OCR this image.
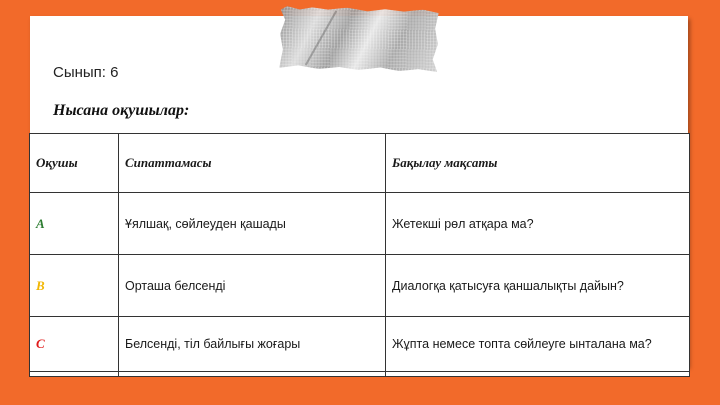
Сынып: 6
Нысана оқушылар:
Оқушы	Сипаттамасы	Бақылау мақсаты
A	Ұялшақ, сөйлеуден қашады	Жетекші рөл атқара ма?
B	Орташа белсенді	Диалогқа қатысуға қаншалықты дайын?
C	Белсенді, тіл байлығы жоғары	Жұпта немесе топта сөйлеуге ынталана ма?
